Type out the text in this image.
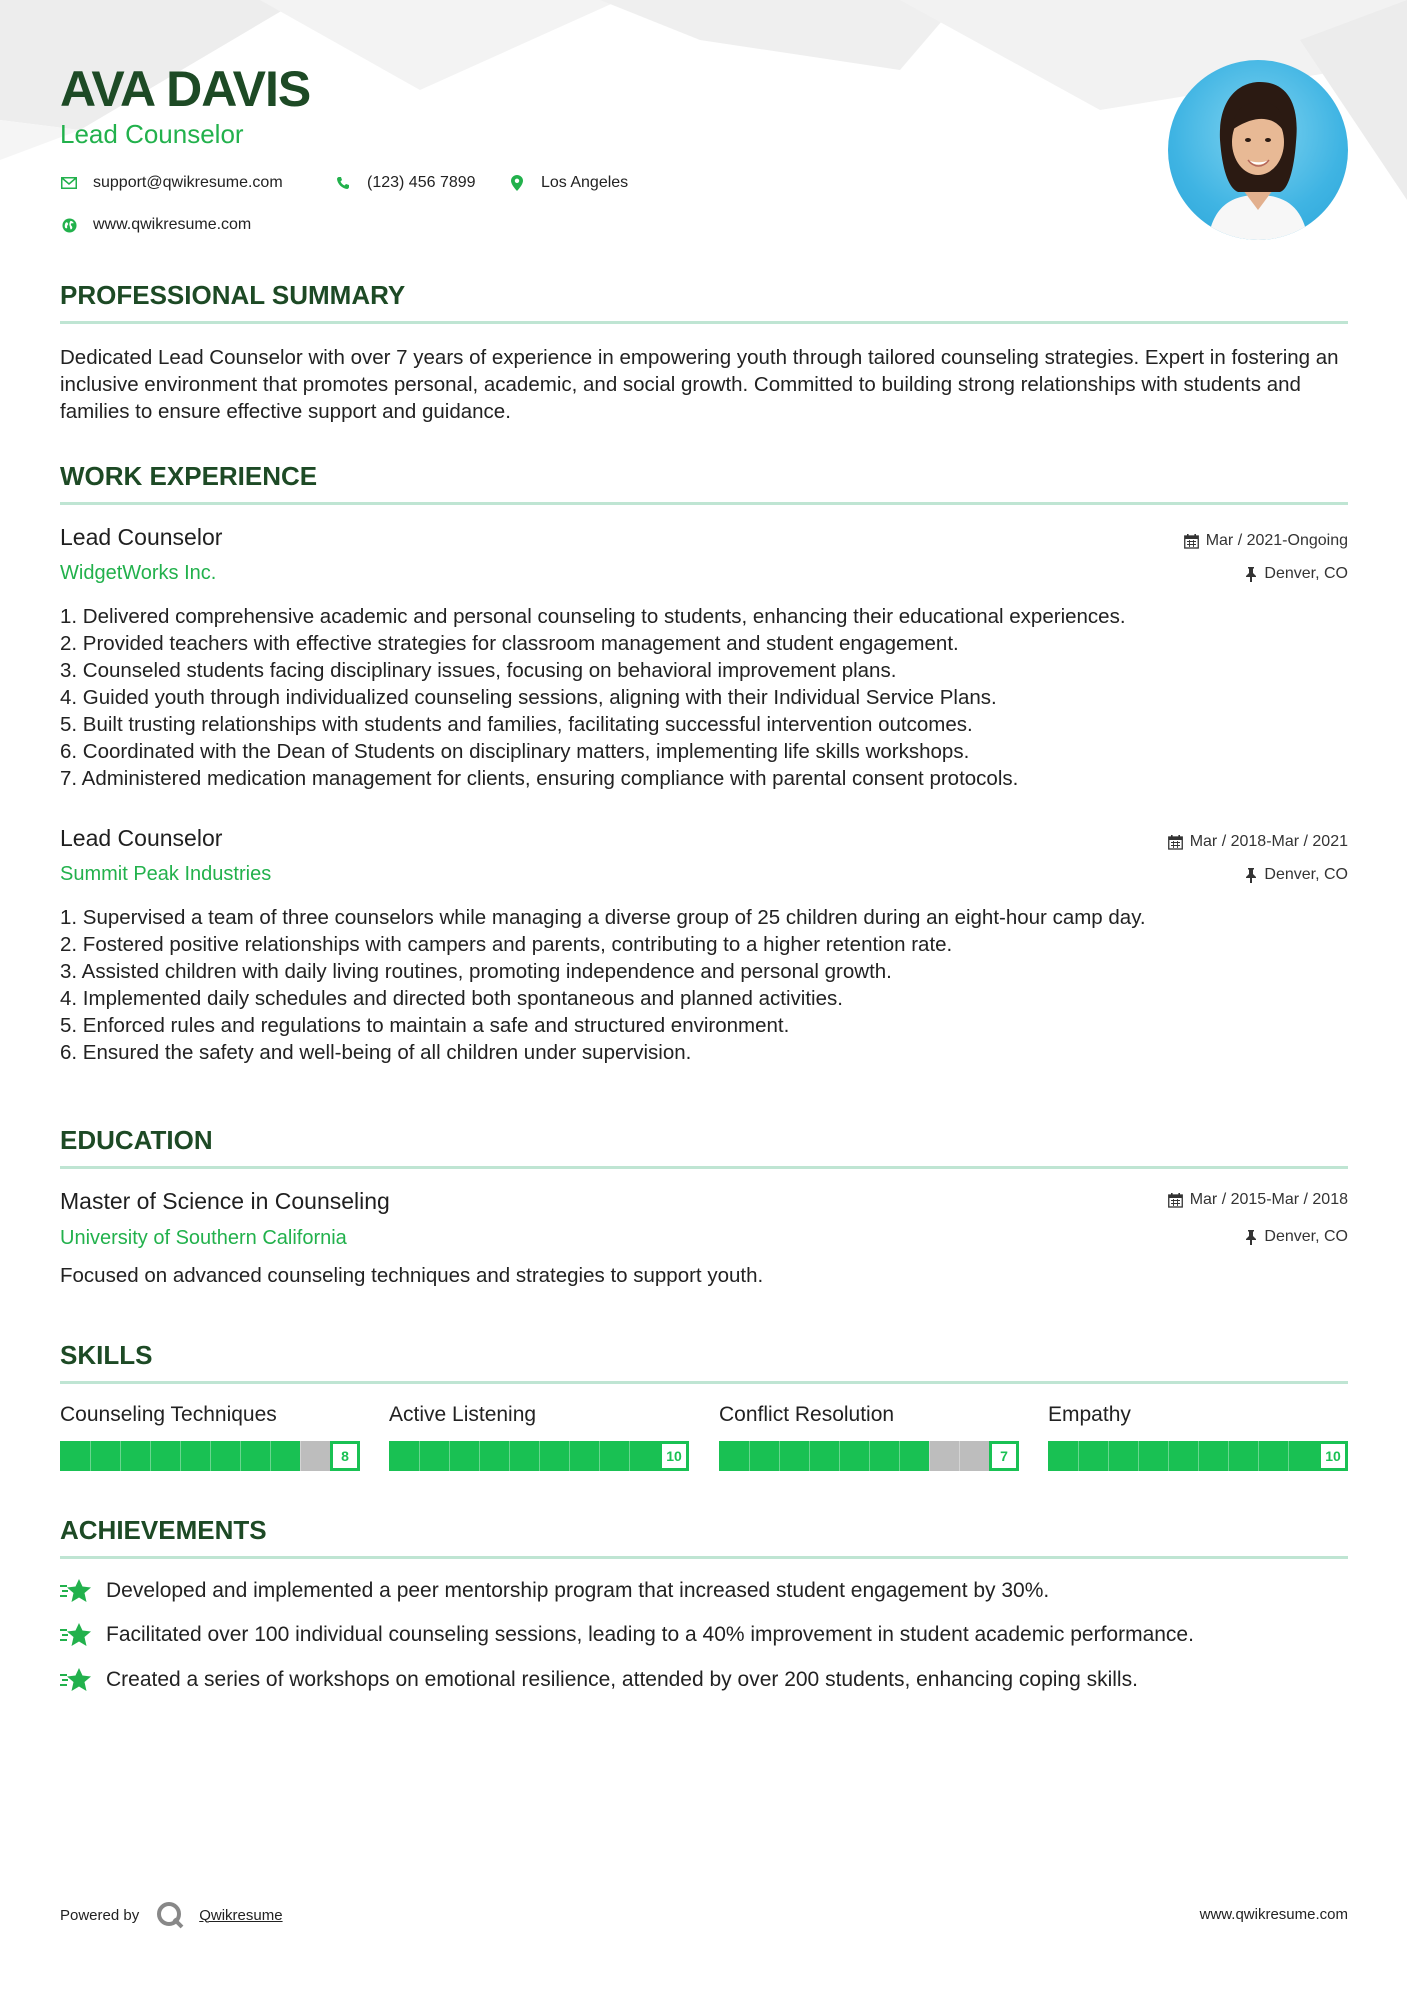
AVA DAVIS
Lead Counselor
support@qwikresume.com	(123) 456 7899	Los Angeles
www.qwikresume.com
PROFESSIONAL SUMMARY
Dedicated Lead Counselor with over 7 years of experience in empowering youth through tailored counseling strategies. Expert in fostering an inclusive environment that promotes personal, academic, and social growth. Committed to building strong relationships with students and families to ensure effective support and guidance.
WORK EXPERIENCE
Lead Counselor
WidgetWorks Inc.
Mar / 2021-Ongoing
Denver, CO
1. Delivered comprehensive academic and personal counseling to students, enhancing their educational experiences.
2. Provided teachers with effective strategies for classroom management and student engagement.
3. Counseled students facing disciplinary issues, focusing on behavioral improvement plans.
4. Guided youth through individualized counseling sessions, aligning with their Individual Service Plans.
5. Built trusting relationships with students and families, facilitating successful intervention outcomes.
6. Coordinated with the Dean of Students on disciplinary matters, implementing life skills workshops.
7. Administered medication management for clients, ensuring compliance with parental consent protocols.
Lead Counselor
Summit Peak Industries
Mar / 2018-Mar / 2021
Denver, CO
1. Supervised a team of three counselors while managing a diverse group of 25 children during an eight-hour camp day.
2. Fostered positive relationships with campers and parents, contributing to a higher retention rate.
3. Assisted children with daily living routines, promoting independence and personal growth.
4. Implemented daily schedules and directed both spontaneous and planned activities.
5. Enforced rules and regulations to maintain a safe and structured environment.
6. Ensured the safety and well-being of all children under supervision.
EDUCATION
Master of Science in Counseling
University of Southern California
Mar / 2015-Mar / 2018
Denver, CO
Focused on advanced counseling techniques and strategies to support youth.
SKILLS
Counseling Techniques
8
Active Listening
10
Conflict Resolution
7
Empathy
10
ACHIEVEMENTS
Developed and implemented a peer mentorship program that increased student engagement by 30%.
Facilitated over 100 individual counseling sessions, leading to a 40% improvement in student academic performance.
Created a series of workshops on emotional resilience, attended by over 200 students, enhancing coping skills.
Powered by	Qwikresume	www.qwikresume.com
